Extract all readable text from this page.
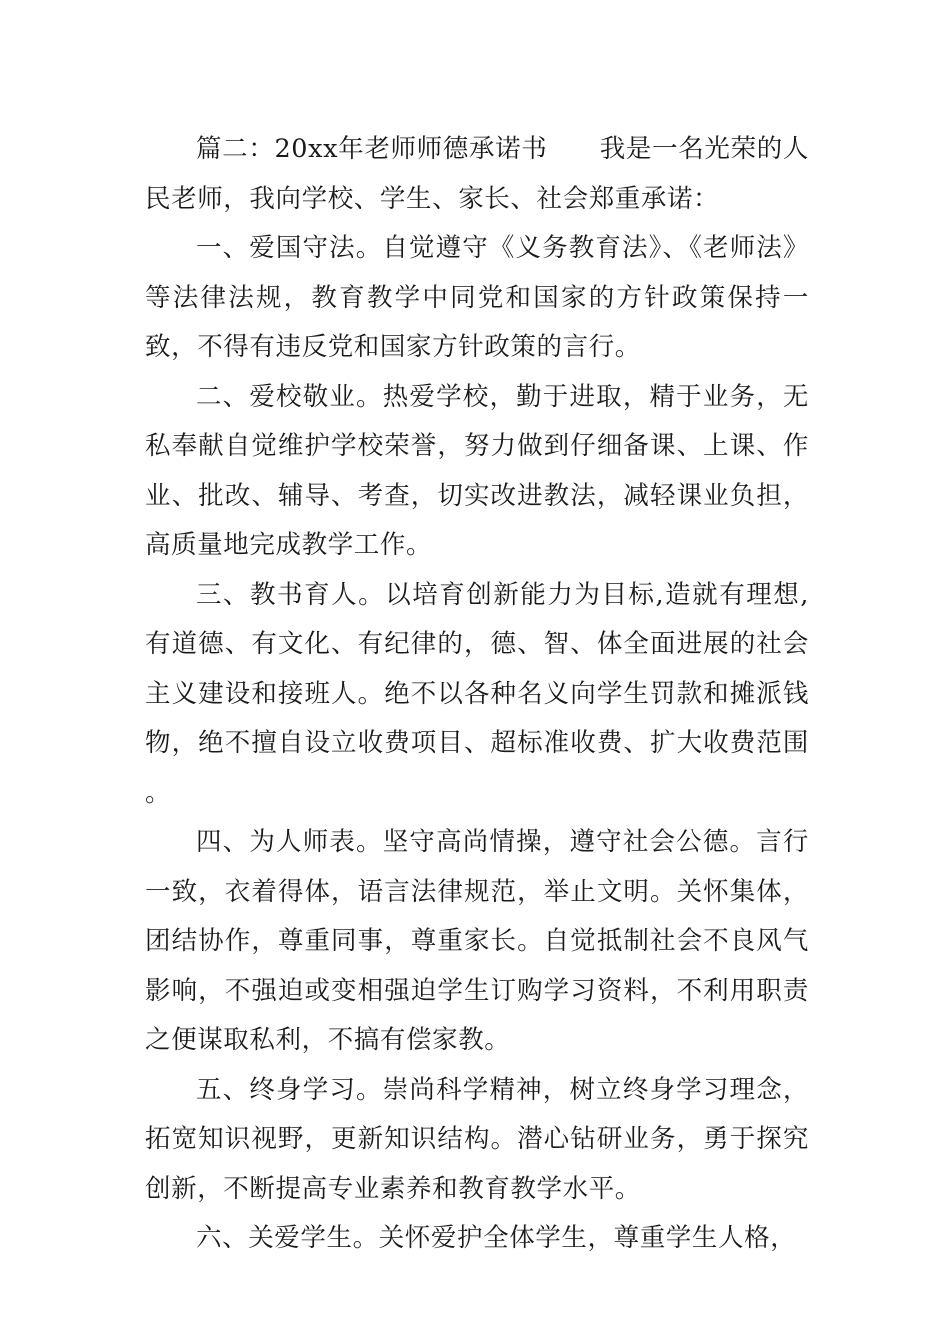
篇二：20xx年老师师德承诺书　　我是一名光荣的人民老师，我向学校、学生、家长、社会郑重承诺：

一、爱国守法。自觉遵守《义务教育法》、《老师法》等法律法规，教育教学中同党和国家的方针政策保持一致，不得有违反党和国家方针政策的言行。

二、爱校敬业。热爱学校，勤于进取，精于业务，无私奉献自觉维护学校荣誉，努力做到仔细备课、上课、作业、批改、辅导、考查，切实改进教法，减轻课业负担，高质量地完成教学工作。

三、教书育人。以培育创新能力为目标,造就有理想,有道德、有文化、有纪律的，德、智、体全面进展的社会主义建设和接班人。绝不以各种名义向学生罚款和摊派钱物，绝不擅自设立收费项目、超标准收费、扩大收费范围 。

四、为人师表。坚守高尚情操，遵守社会公德。言行一致，衣着得体，语言法律规范，举止文明。关怀集体，团结协作，尊重同事，尊重家长。自觉抵制社会不良风气影响，不强迫或变相强迫学生订购学习资料，不利用职责之便谋取私利，不搞有偿家教。

五、终身学习。崇尚科学精神，树立终身学习理念，拓宽知识视野，更新知识结构。潜心钻研业务，勇于探究创新，不断提高专业素养和教育教学水平。

六、关爱学生。关怀爱护全体学生，尊重学生人格，
